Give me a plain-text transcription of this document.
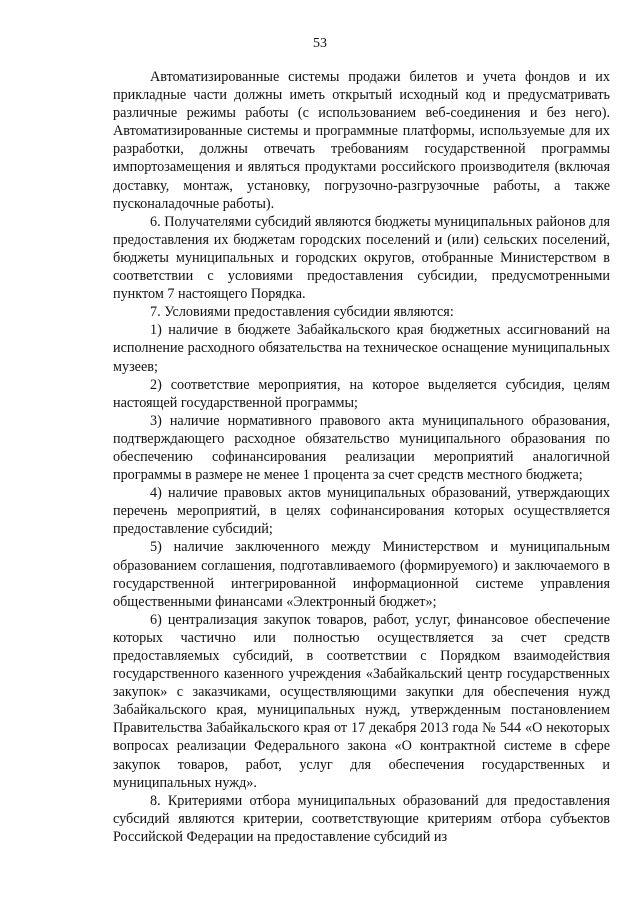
53

Автоматизированные системы продажи билетов и учета фондов и их прикладные части должны иметь открытый исходный код и предусматривать различные режимы работы (с использованием веб-соединения и без него). Автоматизированные системы и программные платформы, используемые для их разработки, должны отвечать требованиям государственной программы импортозамещения и являться продуктами российского производителя (включая доставку, монтаж, установку, погрузочно-разгрузочные работы, а также пусконаладочные работы).

6. Получателями субсидий являются бюджеты муниципальных районов для предоставления их бюджетам городских поселений и (или) сельских поселений, бюджеты муниципальных и городских округов, отобранные Министерством в соответствии с условиями предоставления субсидии, предусмотренными пунктом 7 настоящего Порядка.

7. Условиями предоставления субсидии являются:

1) наличие в бюджете Забайкальского края бюджетных ассигнований на исполнение расходного обязательства на техническое оснащение муниципальных музеев;

2) соответствие мероприятия, на которое выделяется субсидия, целям настоящей государственной программы;

3) наличие нормативного правового акта муниципального образования, подтверждающего расходное обязательство муниципального образования по обеспечению софинансирования реализации мероприятий аналогичной программы в размере не менее 1 процента за счет средств местного бюджета;

4) наличие правовых актов муниципальных образований, утверждающих перечень мероприятий, в целях софинансирования которых осуществляется предоставление субсидий;

5) наличие заключенного между Министерством и муниципальным образованием соглашения, подготавливаемого (формируемого) и заключаемого в государственной интегрированной информационной системе управления общественными финансами «Электронный бюджет»;

6) централизация закупок товаров, работ, услуг, финансовое обеспечение которых частично или полностью осуществляется за счет средств предоставляемых субсидий, в соответствии с Порядком взаимодействия государственного казенного учреждения «Забайкальский центр государственных закупок» с заказчиками, осуществляющими закупки для обеспечения нужд Забайкальского края, муниципальных нужд, утвержденным постановлением Правительства Забайкальского края от 17 декабря 2013 года № 544 «О некоторых вопросах реализации Федерального закона «О контрактной системе в сфере закупок товаров, работ, услуг для обеспечения государственных и муниципальных нужд».

8. Критериями отбора муниципальных образований для предоставления субсидий являются критерии, соответствующие критериям отбора субъектов Российской Федерации на предоставление субсидий из
